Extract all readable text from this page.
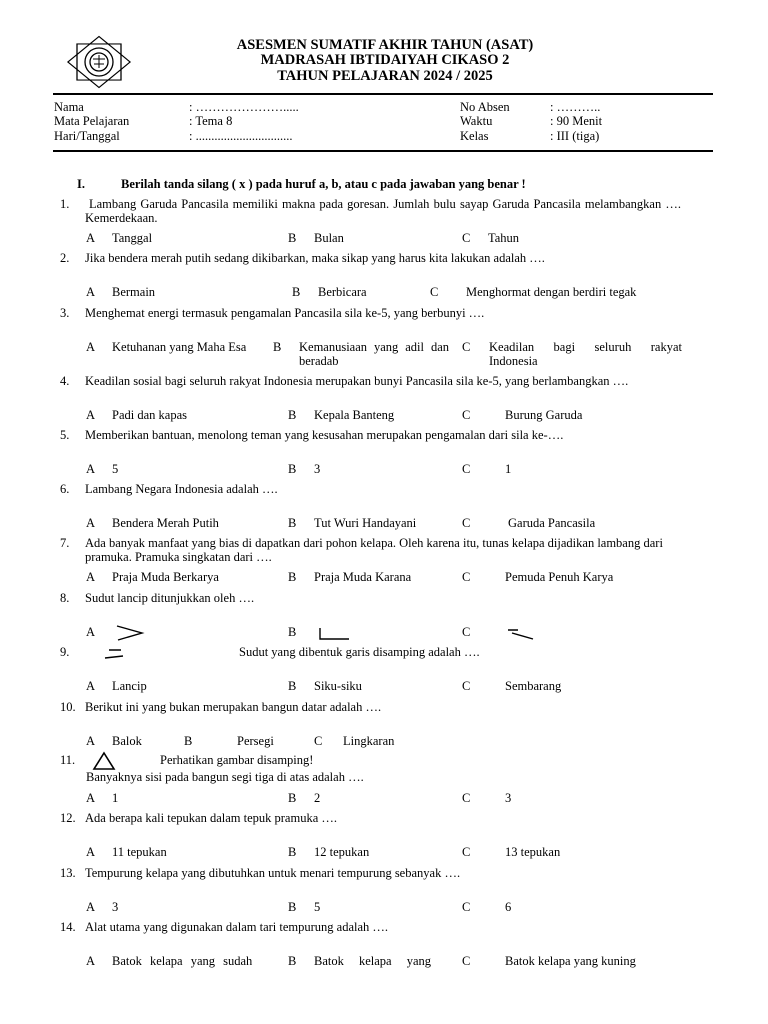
ASESMEN SUMATIF AKHIR TAHUN (ASAT)
MADRASAH IBTIDAIYAH CIKASO 2
TAHUN PELAJARAN 2024 / 2025
Nama	: ………………….....
Mata Pelajaran	: Tema 8
Hari/Tanggal	: ...............................
No Absen	: ………..
Waktu	: 90 Menit
Kelas	: III (tiga)
I.	Berilah tanda silang ( x ) pada huruf a, b, atau c pada jawaban yang benar !
1.	Lambang Garuda Pancasila memiliki makna pada goresan. Jumlah bulu sayap Garuda Pancasila melambangkan …. Kemerdekaan.
A Tanggal	B Bulan	C Tahun
2. Jika bendera merah putih sedang dikibarkan, maka sikap yang harus kita lakukan adalah ….
A Bermain	B Berbicara	C Menghormat dengan berdiri tegak
3. Menghemat energi termasuk pengamalan Pancasila sila ke-5, yang berbunyi ….
A Ketuhanan yang Maha Esa	B Kemanusiaan yang adil dan beradab
C Keadilan bagi seluruh rakyat Indonesia
4. Keadilan sosial bagi seluruh rakyat Indonesia merupakan bunyi Pancasila sila ke-5, yang berlambangkan ….
A Padi dan kapas	B Kepala Banteng	C	Burung Garuda
5. Memberikan bantuan, menolong teman yang kesusahan merupakan pengamalan dari sila ke-….
A 5	B 3	C	1
6. Lambang Negara Indonesia adalah ….
A Bendera Merah Putih	B Tut Wuri Handayani	C	Garuda Pancasila
7. Ada banyak manfaat yang bias di dapatkan dari pohon kelapa. Oleh karena itu, tunas kelapa dijadikan lambang dari pramuka. Pramuka singkatan dari ….
A Praja Muda Berkarya	B Praja Muda Karana	C	Pemuda Penuh Karya
8. Sudut lancip ditunjukkan oleh ….
A	B	C
9.	Sudut yang dibentuk garis disamping adalah ….
A Lancip	B Siku-siku	C	Sembarang
10. Berikut ini yang bukan merupakan bangun datar adalah ….
A Balok	B	Persegi	C Lingkaran
11.	Perhatikan gambar disamping!
Banyaknya sisi pada bangun segi tiga di atas adalah ….
A 1	B 2	C	3
12. Ada berapa kali tepukan dalam tepuk pramuka ….
A 11 tepukan	B 12 tepukan	C	13 tepukan
13. Tempurung kelapa yang dibutuhkan untuk menari tempurung sebanyak ….
A 3	B 5	C	6
14. Alat utama yang digunakan dalam tari tempurung adalah ….
A Batok kelapa yang sudah	B Batok kelapa yang C	Batok kelapa yang kuning
